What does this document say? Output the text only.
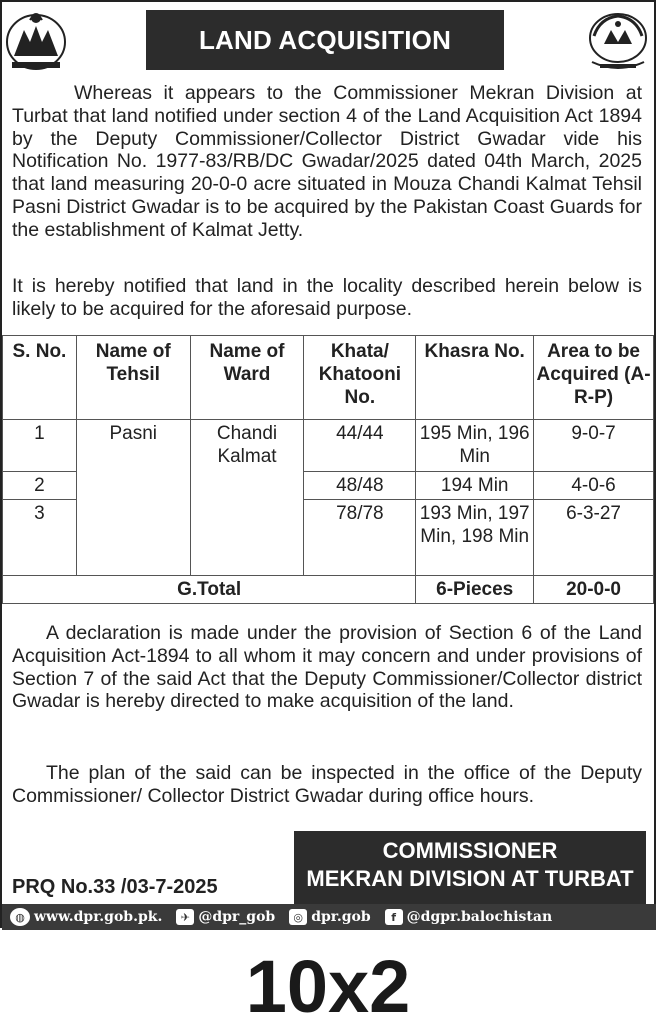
LAND ACQUISITION

Whereas it appears to the Commissioner Mekran Division at Turbat that land notified under section 4 of the Land Acquisition Act 1894 by the Deputy Commissioner/Collector District Gwadar vide his Notification No. 1977-83/RB/DC Gwadar/2025 dated 04th March, 2025 that land measuring 20-0-0 acre situated in Mouza Chandi Kalmat Tehsil Pasni District Gwadar is to be acquired by the Pakistan Coast Guards for the establishment of Kalmat Jetty.

It is hereby notified that land in the locality described herein below is likely to be acquired for the aforesaid purpose.

S. No.	Name of Tehsil	Name of Ward	Khata/ Khatooni No.	Khasra No.	Area to be Acquired (A-R-P)
1	Pasni	Chandi Kalmat	44/44	195 Min, 196 Min	9-0-7
2			48/48	194 Min	4-0-6
3			78/78	193 Min, 197 Min, 198 Min	6-3-27
G.Total				6-Pieces	20-0-0

A declaration is made under the provision of Section 6 of the Land Acquisition Act-1894 to all whom it may concern and under provisions of Section 7 of the said Act that the Deputy Commissioner/Collector district Gwadar is hereby directed to make acquisition of the land.

The plan of the said can be inspected in the office of the Deputy Commissioner/ Collector District Gwadar during office hours.

COMMISSIONER
MEKRAN DIVISION AT TURBAT
PRQ No.33 /03-7-2025
◍ www.dpr.gob.pk.	✈ @dpr_gob	◎ dpr.gob	f @dgpr.balochistan
10x2
